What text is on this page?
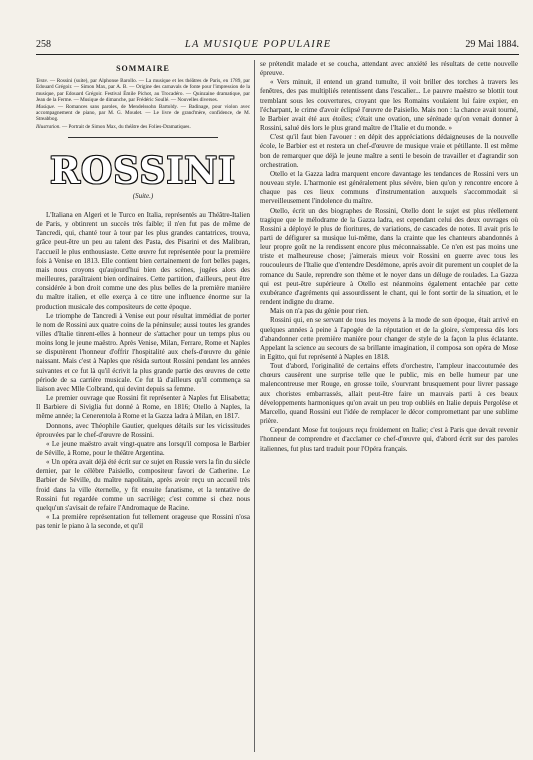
258	LA MUSIQUE POPULAIRE	29 Mai 1884.
SOMMAIRE

Texte. — Rossini (suite), par Alphonse Barollo. — La musique et les théâtres de Paris, en 1789, par Edouard Grégoir. — Simon Max, par A. B. — Origine des carnavals de fonte pour l'impression de la musique, par Edouard Grégoir. Festival Émile Pichot, au Trocadéro. — Quinzaine dramatique, par Jean de la Ferme. — Musique de dimanche, par Frédéric Soullé. — Nouvelles diverses.

Musique. — Romances sans paroles, de Mendelssohn Bartoldy. — Badinage, pour violon avec accompagnement de piano, par M. G. Moudet. — Le livre de grand'mère, confidence, de M. Streabbog.

Illustration. — Portrait de Simon Max, du théâtre des Folies-Dramatiques.

ROSSINI
(Suite.)

L'Italiana en Algeri et le Turco en Italia, représentés au Théâtre-Italien de Paris, y obtinrent un succès très faible; il n'en fut pas de même de Tancredi, qui, chanté tour à tour par les plus grandes cantatrices, trouva, grâce peut-être un peu au talent des Pasta, des Pisarini et des Malibran, l'accueil le plus enthousiaste. Cette œuvre fut représentée pour la première fois à Venise en 1813. Elle contient bien certainement de fort belles pages, mais nous croyons qu'aujourd'hui bien des scènes, jugées alors des meilleures, paraîtraient bien ordinaires. Cette partition, d'ailleurs, peut être considérée à bon droit comme une des plus belles de la première manière du maître italien, et elle exerça à ce titre une influence énorme sur la production musicale des compositeurs de cette époque.

Le triomphe de Tancredi à Venise eut pour résultat immédiat de porter le nom de Rossini aux quatre coins de la péninsule; aussi toutes les grandes villes d'Italie tinrent-elles à honneur de s'attacher pour un temps plus ou moins long le jeune maëstro. Après Venise, Milan, Ferrare, Rome et Naples se disputèrent l'honneur d'offrir l'hospitalité aux chefs-d'œuvre du génie naissant. Mais c'est à Naples que résida surtout Rossini pendant les années suivantes et ce fut là qu'il écrivit la plus grande partie des œuvres de cette période de sa carrière musicale. Ce fut là d'ailleurs qu'il commença sa liaison avec Mlle Colbrand, qui devint depuis sa femme.

Le premier ouvrage que Rossini fit représenter à Naples fut Elisabetta; Il Barbiere di Siviglia fut donné à Rome, en 1816; Otello à Naples, la même année; la Cenerentola à Rome et la Gazza ladra à Milan, en 1817.

Donnons, avec Théophile Gautier, quelques détails sur les vicissitudes éprouvées par le chef-d'œuvre de Rossini.

« Le jeune maëstro avait vingt-quatre ans lorsqu'il composa le Barbier de Séville, à Rome, pour le théâtre Argentina.

« Un opéra avait déjà été écrit sur ce sujet en Russie vers la fin du siècle dernier, par le célèbre Paisiello, compositeur favori de Catherine. Le Barbier de Séville, du maître napolitain, après avoir reçu un accueil très froid dans la ville éternelle, y fit ensuite fanatisme, et la tentative de Rossini fut regardée comme un sacrilège; c'est comme si chez nous quelqu'un s'avisait de refaire l'Andromaque de Racine.

« La première représentation fut tellement orageuse que Rossini n'osa pas tenir le piano à la seconde, et qu'il

se prétendit malade et se coucha, attendant avec anxiété les résultats de cette nouvelle épreuve.

« Vers minuit, il entend un grand tumulte, il voit briller des torches à travers les fenêtres, des pas multipliés retentissent dans l'escalier... Le pauvre maëstro se blottit tout tremblant sous les couvertures, croyant que les Romains voulaient lui faire expier, en l'écharpant, le crime d'avoir éclipsé l'œuvre de Paisiello. Mais non : la chance avait tourné, le Barbier avait été aux étoiles; c'était une ovation, une sérénade qu'on venait donner à Rossini, salué dès lors le plus grand maître de l'Italie et du monde. »

C'est qu'il faut bien l'avouer : en dépit des appréciations dédaigneuses de la nouvelle école, le Barbier est et restera un chef-d'œuvre de musique vraie et pétillante. Il est même bon de remarquer que déjà le jeune maître a senti le besoin de travailler et d'agrandir son orchestration.

Otello et la Gazza ladra marquent encore davantage les tendances de Rossini vers un nouveau style. L'harmonie est généralement plus sévère, bien qu'on y rencontre encore à chaque pas ces lieux communs d'instrumentation auxquels s'accommodait si merveilleusement l'indolence du maître.

Otello, écrit un des biographes de Rossini, Otello dont le sujet est plus réellement tragique que le mélodrame de la Gazza ladra, est cependant celui des deux ouvrages où Rossini a déployé le plus de fioritures, de variations, de cascades de notes. Il avait pris le parti de défigurer sa musique lui-même, dans la crainte que les chanteurs abandonnés à leur propre goût ne la rendissent encore plus méconnaissable. Ce n'en est pas moins une triste et malheureuse chose; j'aimerais mieux voir Rossini en guerre avec tous les roucouleurs de l'Italie que d'entendre Desdémone, après avoir dit purement un couplet de la romance du Saule, reprendre son thème et le noyer dans un déluge de roulades. La Gazza qui est peut-être supérieure à Otello est néanmoins également entachée par cette exubérance d'agréments qui assourdissent le chant, qui le font sortir de la situation, et le rendent indigne du drame.

Mais on n'a pas du génie pour rien.

Rossini qui, en se servant de tous les moyens à la mode de son époque, était arrivé en quelques années à peine à l'apogée de la réputation et de la gloire, s'empressa dès lors d'abandonner cette première manière pour changer de style de la façon la plus éclatante. Appelant la science au secours de sa brillante imagination, il composa son opéra de Mose in Egitto, qui fut représenté à Naples en 1818.

Tout d'abord, l'originalité de certains effets d'orchestre, l'ampleur inaccoutumée des chœurs causèrent une surprise telle que le public, mis en belle humeur par une malencontreuse mer Rouge, en grosse toile, s'ourvrant brusquement pour livrer passage aux choristes embarrassés, allait peut-être faire un mauvais parti à ces beaux développements harmoniques qu'on avait un peu trop oubliés en Italie depuis Pergolèse et Marcello, quand Rossini eut l'idée de remplacer le décor compromettant par une sublime prière.

Cependant Mose fut toujours reçu froidement en Italie; c'est à Paris que devait revenir l'honneur de comprendre et d'acclamer ce chef-d'œuvre qui, d'abord écrit sur des paroles italiennes, fut plus tard traduit pour l'Opéra français.
